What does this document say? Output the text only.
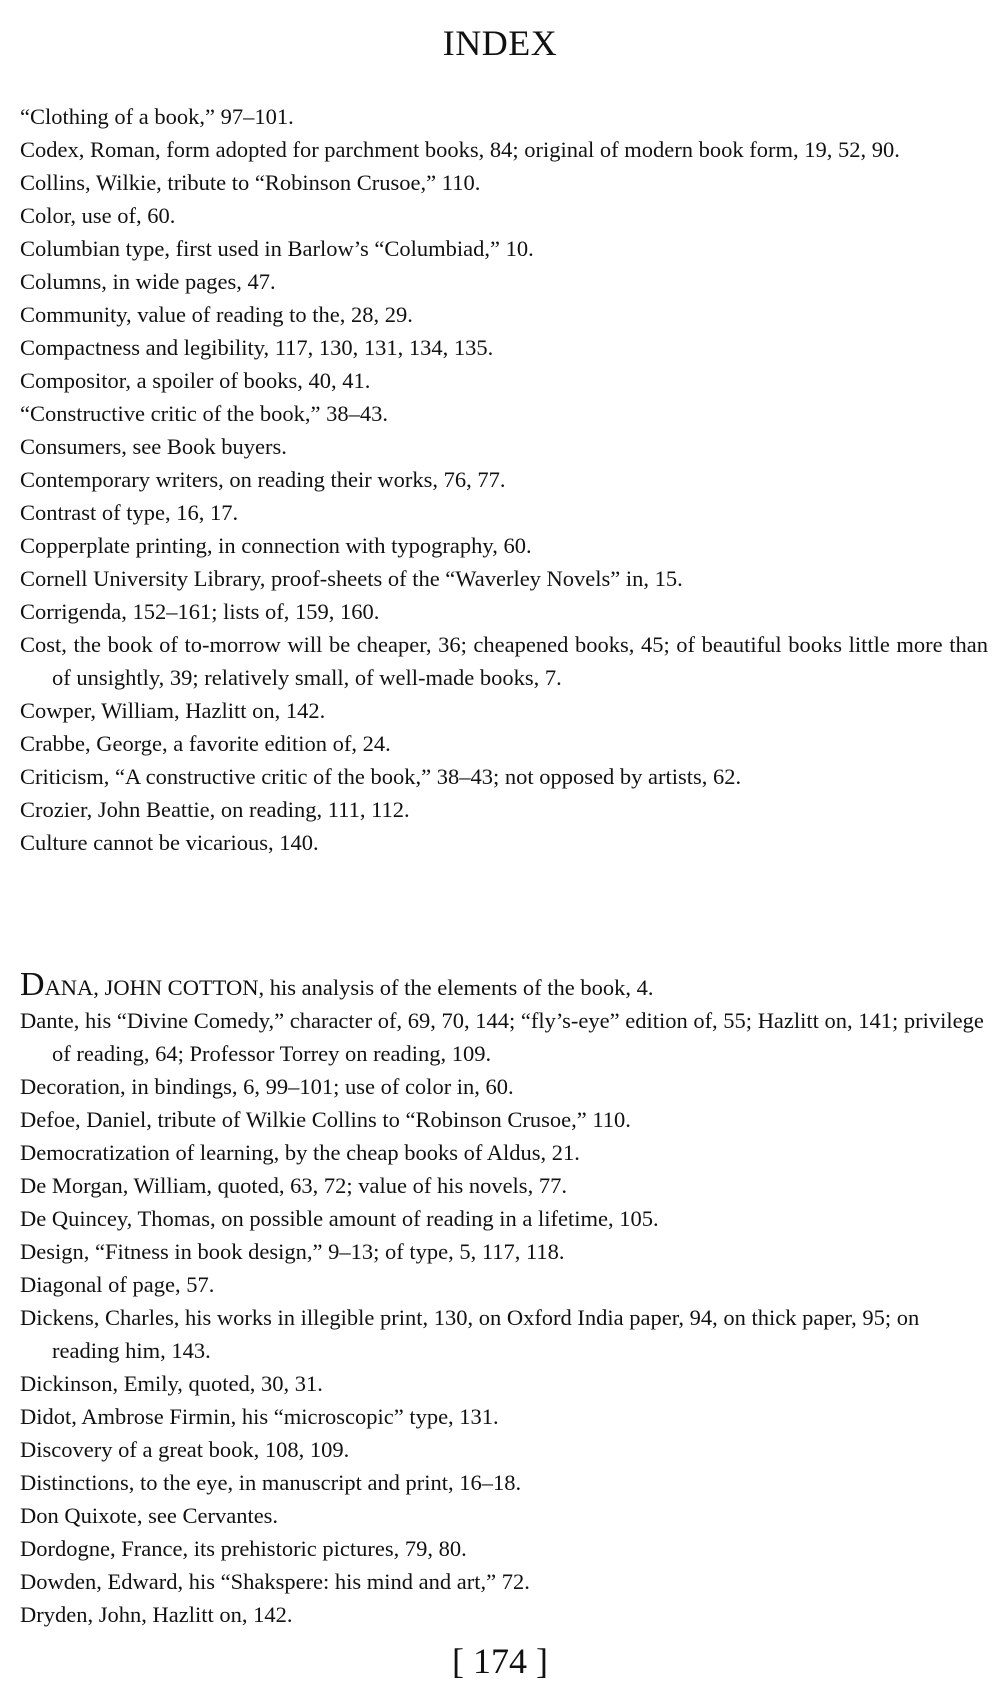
INDEX
“Clothing of a book,” 97–101.
Codex, Roman, form adopted for parchment books, 84; original of modern book form, 19, 52, 90.
Collins, Wilkie, tribute to “Robinson Crusoe,” 110.
Color, use of, 60.
Columbian type, first used in Barlow’s “Columbiad,” 10.
Columns, in wide pages, 47.
Community, value of reading to the, 28, 29.
Compactness and legibility, 117, 130, 131, 134, 135.
Compositor, a spoiler of books, 40, 41.
“Constructive critic of the book,” 38–43.
Consumers, see Book buyers.
Contemporary writers, on reading their works, 76, 77.
Contrast of type, 16, 17.
Copperplate printing, in connection with typography, 60.
Cornell University Library, proof-sheets of the “Waverley Novels” in, 15.
Corrigenda, 152–161; lists of, 159, 160.
Cost, the book of to-morrow will be cheaper, 36; cheapened books, 45; of beautiful books little more than of unsightly, 39; relatively small, of well-made books, 7.
Cowper, William, Hazlitt on, 142.
Crabbe, George, a favorite edition of, 24.
Criticism, “A constructive critic of the book,” 38–43; not opposed by artists, 62.
Crozier, John Beattie, on reading, 111, 112.
Culture cannot be vicarious, 140.
DANA, JOHN COTTON, his analysis of the elements of the book, 4.
Dante, his “Divine Comedy,” character of, 69, 70, 144; “fly’s-eye” edition of, 55; Hazlitt on, 141; privilege of reading, 64; Professor Torrey on reading, 109.
Decoration, in bindings, 6, 99–101; use of color in, 60.
Defoe, Daniel, tribute of Wilkie Collins to “Robinson Crusoe,” 110.
Democratization of learning, by the cheap books of Aldus, 21.
De Morgan, William, quoted, 63, 72; value of his novels, 77.
De Quincey, Thomas, on possible amount of reading in a lifetime, 105.
Design, “Fitness in book design,” 9–13; of type, 5, 117, 118.
Diagonal of page, 57.
Dickens, Charles, his works in illegible print, 130, on Oxford India paper, 94, on thick paper, 95; on reading him, 143.
Dickinson, Emily, quoted, 30, 31.
Didot, Ambrose Firmin, his “microscopic” type, 131.
Discovery of a great book, 108, 109.
Distinctions, to the eye, in manuscript and print, 16–18.
Don Quixote, see Cervantes.
Dordogne, France, its prehistoric pictures, 79, 80.
Dowden, Edward, his “Shakspere: his mind and art,” 72.
Dryden, John, Hazlitt on, 142.
[ 174 ]
